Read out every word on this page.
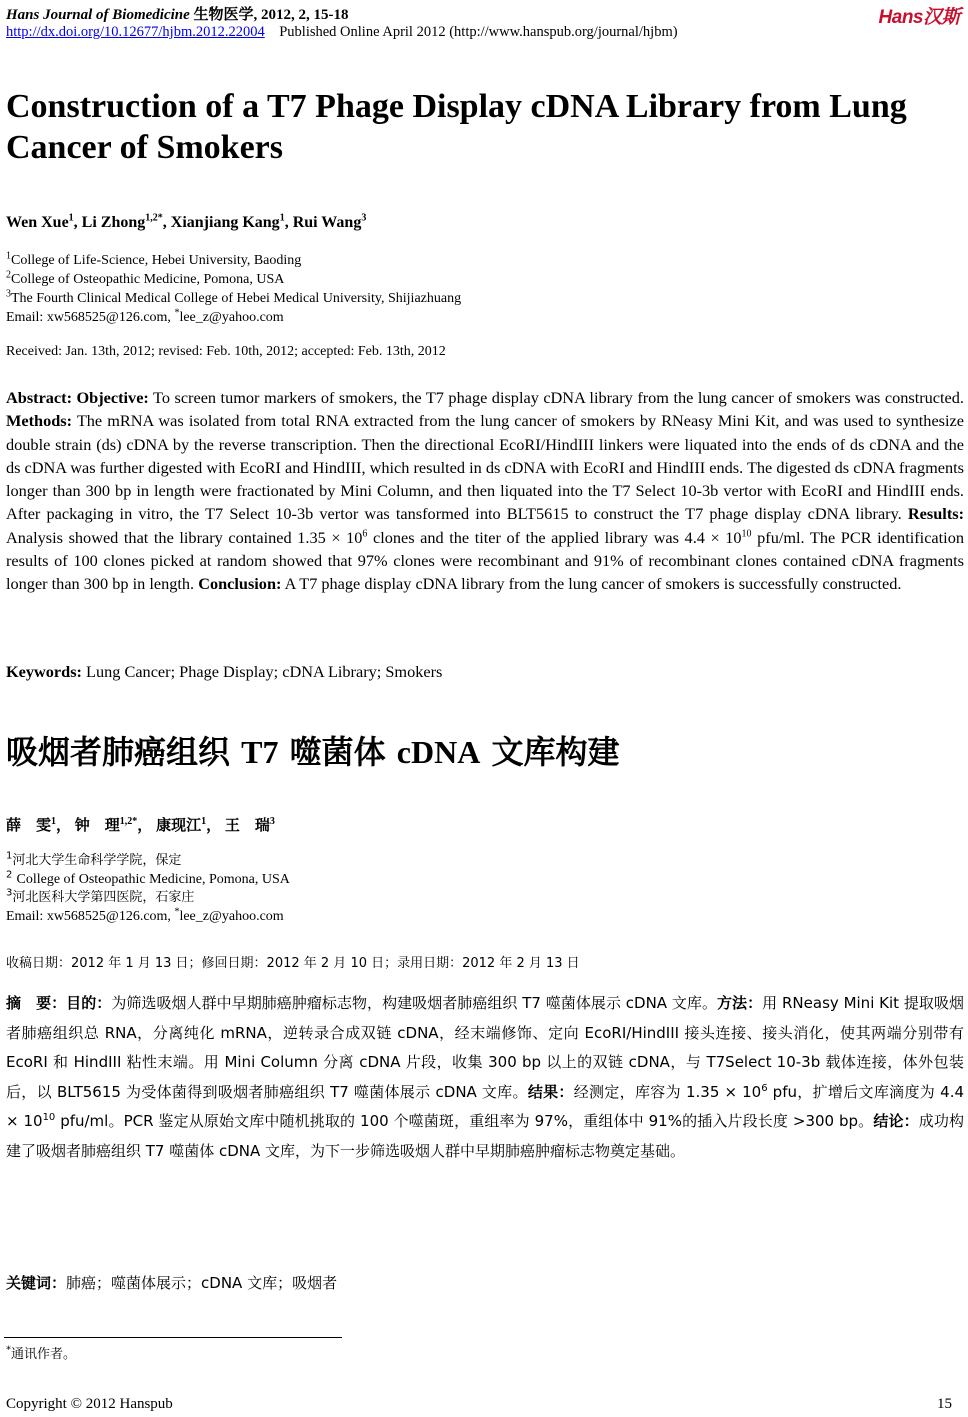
Hans Journal of Biomedicine 生物医学, 2012, 2, 15-18	Hans汉斯
http://dx.doi.org/10.12677/hjbm.2012.22004 Published Online April 2012 (http://www.hanspub.org/journal/hjbm)
Construction of a T7 Phage Display cDNA Library from Lung Cancer of Smokers
Wen Xue$^1$, Li Zhong$^{1,2*}$, Xianjiang Kang$^1$, Rui Wang$^3$
$^1$College of Life-Science, Hebei University, Baoding
$^2$College of Osteopathic Medicine, Pomona, USA
$^3$The Fourth Clinical Medical College of Hebei Medical University, Shijiazhuang
Email: xw568525@126.com, *lee_z@yahoo.com
Received: Jan. 13th, 2012; revised: Feb. 10th, 2012; accepted: Feb. 13th, 2012
Abstract: Objective: To screen tumor markers of smokers, the T7 phage display cDNA library from the lung cancer of smokers was constructed. Methods: The mRNA was isolated from total RNA extracted from the lung cancer of smokers by RNeasy Mini Kit, and was used to synthesize double strain (ds) cDNA by the reverse transcription. Then the directional EcoRI/HindIII linkers were liquated into the ends of ds cDNA and the ds cDNA was further digested with EcoRI and HindIII, which resulted in ds cDNA with EcoRI and HindIII ends. The digested ds cDNA fragments longer than 300 bp in length were fractionated by Mini Column, and then liquated into the T7 Select 10-3b vertor with EcoRI and HindIII ends. After packaging in vitro, the T7 Select 10-3b vertor was tansformed into BLT5615 to construct the T7 phage display cDNA library. Results: Analysis showed that the library contained $1.35 \times 10^6$ clones and the titer of the applied library was $4.4 \times 10^{10}$ pfu/ml. The PCR identification results of 100 clones picked at random showed that 97% clones were recombinant and 91% of recombinant clones contained cDNA fragments longer than 300 bp in length. Conclusion: A T7 phage display cDNA library from the lung cancer of smokers is successfully constructed.
Keywords: Lung Cancer; Phage Display; cDNA Library; Smokers
吸烟者肺癌组织 T7 噬菌体 cDNA 文库构建
薛　雯$^1$， 钟　理$^{1,2*}$， 康现江$^1$， 王　瑞$^3$
$^1$河北大学生命科学学院，保定
$^2$ College of Osteopathic Medicine, Pomona, USA
$^3$河北医科大学第四医院，石家庄
Email: xw568525@126.com, *lee_z@yahoo.com
收稿日期：2012 年 1 月 13 日；修回日期：2012 年 2 月 10 日；录用日期：2012 年 2 月 13 日
摘　要：目的：为筛选吸烟人群中早期肺癌肿瘤标志物，构建吸烟者肺癌组织 T7 噬菌体展示 cDNA 文库。方法：用 RNeasy Mini Kit 提取吸烟者肺癌组织总 RNA，分离纯化 mRNA，逆转录合成双链 cDNA，经末端修饰、定向 EcoRI/HindIII 接头连接、接头消化，使其两端分别带有 EcoRI 和 HindIII 粘性末端。用 Mini Column 分离 cDNA 片段，收集 300 bp 以上的双链 cDNA，与 T7Select 10-3b 载体连接，体外包装后，以 BLT5615 为受体菌得到吸烟者肺癌组织 T7 噬菌体展示 cDNA 文库。结果：经测定，库容为 $1.35 \times 10^6$ pfu，扩增后文库滴度为 $4.4 \times 10^{10}$ pfu/ml。PCR 鉴定从原始文库中随机挑取的 100 个噬菌斑，重组率为 97%，重组体中 91%的插入片段长度 >300 bp。结论：成功构建了吸烟者肺癌组织 T7 噬菌体 cDNA 文库，为下一步筛选吸烟人群中早期肺癌肿瘤标志物奠定基础。
关键词：肺癌；噬菌体展示；cDNA 文库；吸烟者
*通讯作者。
Copyright © 2012 Hanspub	15
